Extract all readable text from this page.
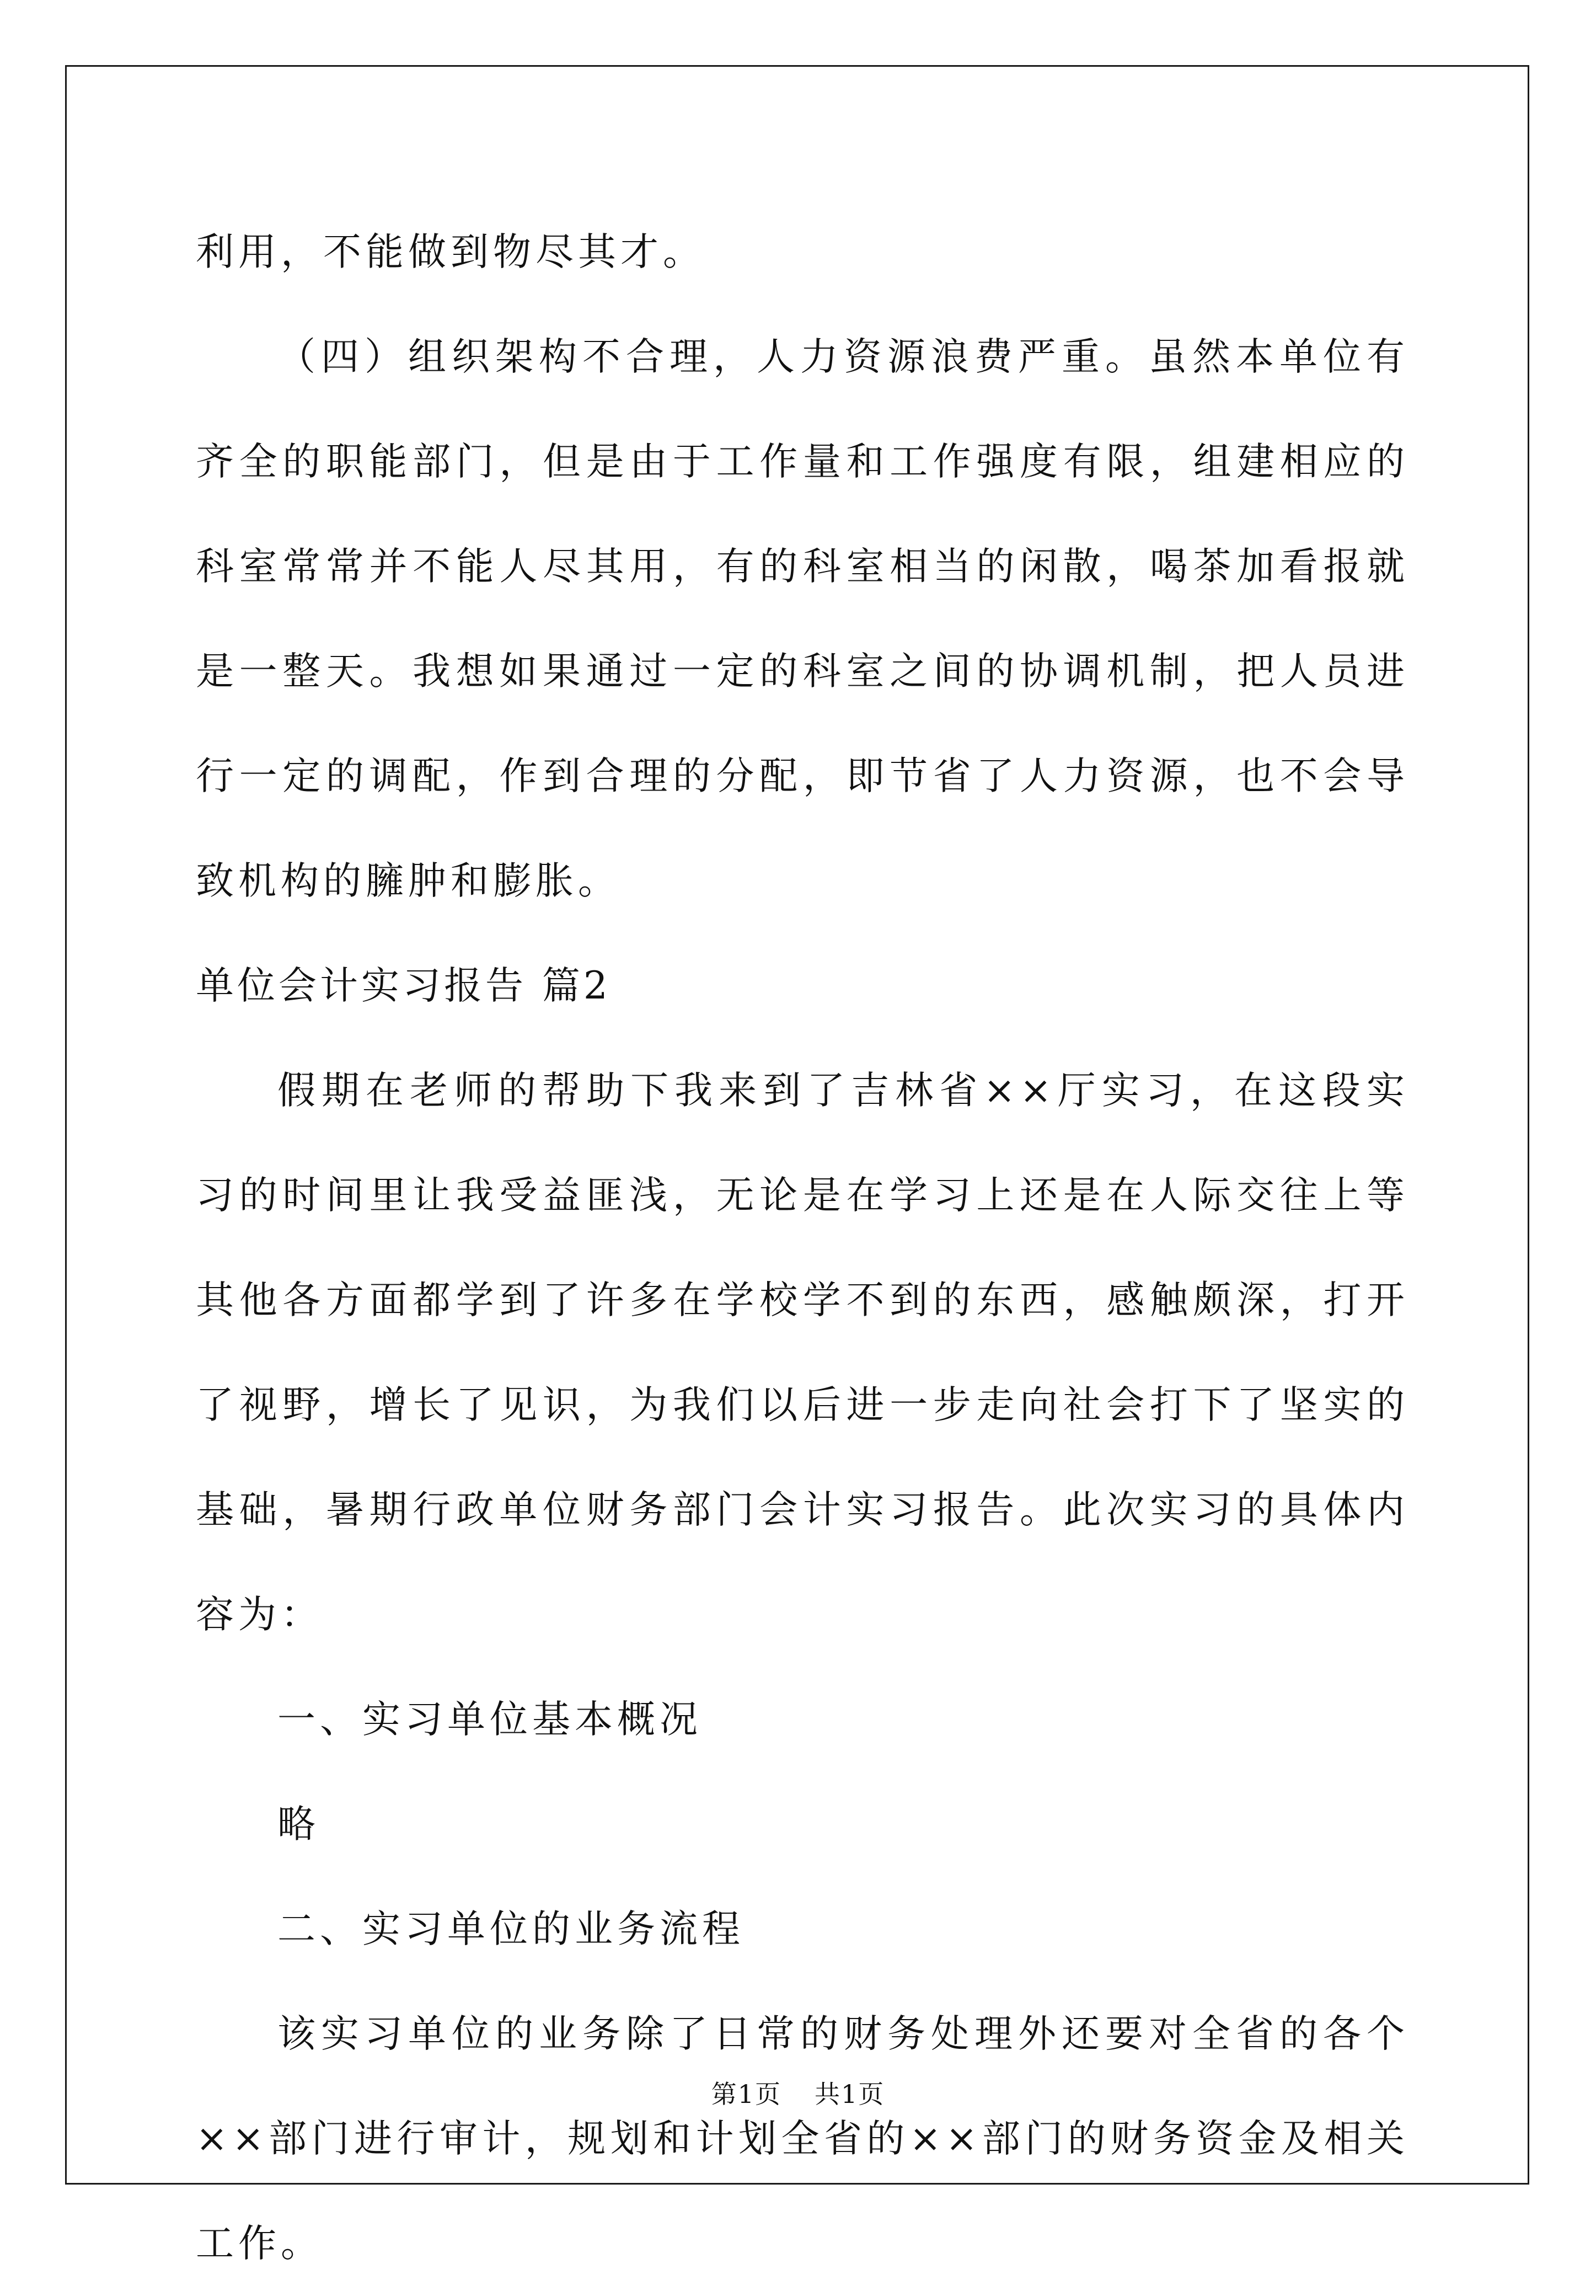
利用，不能做到物尽其才。

（四）组织架构不合理，人力资源浪费严重。虽然本单位有齐全的职能部门，但是由于工作量和工作强度有限，组建相应的科室常常并不能人尽其用，有的科室相当的闲散，喝茶加看报就是一整天。我想如果通过一定的科室之间的协调机制，把人员进行一定的调配，作到合理的分配，即节省了人力资源，也不会导致机构的臃肿和膨胀。

单位会计实习报告 篇2

假期在老师的帮助下我来到了吉林省××厅实习，在这段实习的时间里让我受益匪浅，无论是在学习上还是在人际交往上等其他各方面都学到了许多在学校学不到的东西，感触颇深，打开了视野，增长了见识，为我们以后进一步走向社会打下了坚实的基础，暑期行政单位财务部门会计实习报告。此次实习的具体内容为：

一、实习单位基本概况

略

二、实习单位的业务流程

该实习单位的业务除了日常的财务处理外还要对全省的各个××部门进行审计，规划和计划全省的××部门的财务资金及相关工作。

第1页 共1页
